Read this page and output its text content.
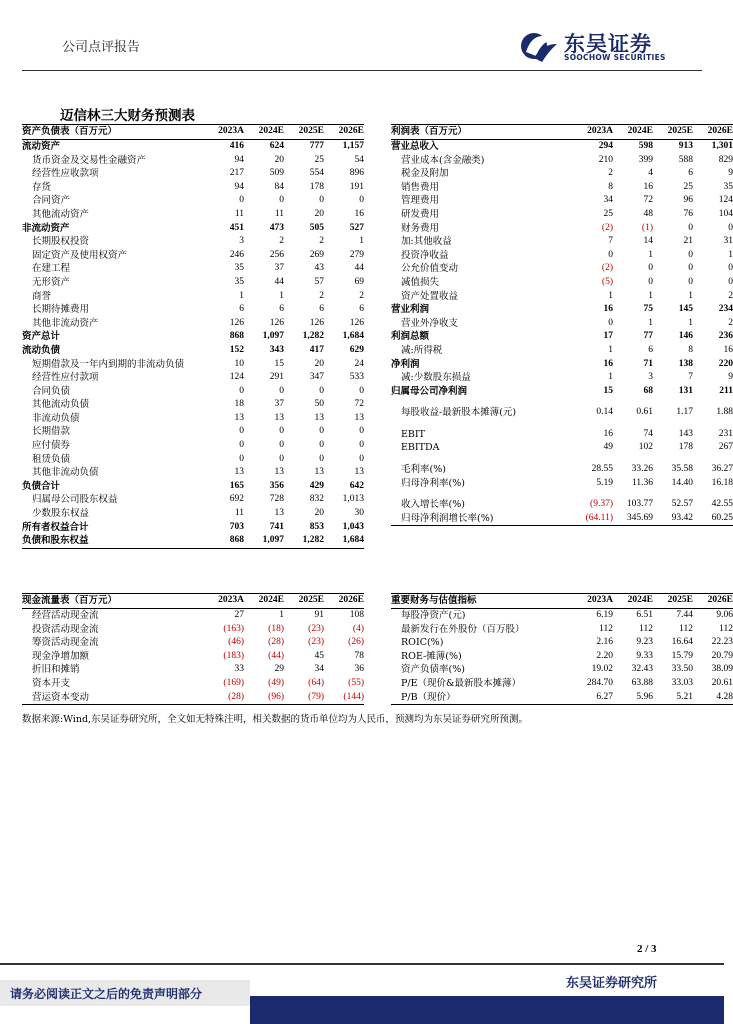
公司点评报告	东吴证券
SOOCHOW SECURITIES
迈信林三大财务预测表
资产负债表（百万元）	2023A	2024E	2025E	2026E
流动资产	416	624	777	1,157
货币资金及交易性金融资产	94	20	25	54
经营性应收款项	217	509	554	896
存货	94	84	178	191
合同资产	0	0	0	0
其他流动资产	11	11	20	16
非流动资产	451	473	505	527
长期股权投资	3	2	2	1
固定资产及使用权资产	246	256	269	279
在建工程	35	37	43	44
无形资产	35	44	57	69
商誉	1	1	2	2
长期待摊费用	6	6	6	6
其他非流动资产	126	126	126	126
资产总计	868	1,097	1,282	1,684
流动负债	152	343	417	629
短期借款及一年内到期的非流动负债	10	15	20	24
经营性应付款项	124	291	347	533
合同负债	0	0	0	0
其他流动负债	18	37	50	72
非流动负债	13	13	13	13
长期借款	0	0	0	0
应付债券	0	0	0	0
租赁负债	0	0	0	0
其他非流动负债	13	13	13	13
负债合计	165	356	429	642
归属母公司股东权益	692	728	832	1,013
少数股东权益	11	13	20	30
所有者权益合计	703	741	853	1,043
负债和股东权益	868	1,097	1,282	1,684
利润表（百万元）	2023A	2024E	2025E	2026E
营业总收入	294	598	913	1,301
营业成本(含金融类)	210	399	588	829
税金及附加	2	4	6	9
销售费用	8	16	25	35
管理费用	34	72	96	124
研发费用	25	48	76	104
财务费用	(2)	(1)	0	0
加:其他收益	7	14	21	31
投资净收益	0	1	0	1
公允价值变动	(2)	0	0	0
减值损失	(5)	0	0	0
资产处置收益	1	1	1	2
营业利润	16	75	145	234
营业外净收支	0	1	1	2
利润总额	17	77	146	236
减:所得税	1	6	8	16
净利润	16	71	138	220
减:少数股东损益	1	3	7	9
归属母公司净利润	15	68	131	211

每股收益-最新股本摊薄(元)	0.14	0.61	1.17	1.88

EBIT	16	74	143	231
EBITDA	49	102	178	267

毛利率(%)	28.55	33.26	35.58	36.27
归母净利率(%)	5.19	11.36	14.40	16.18

收入增长率(%)	(9.37)	103.77	52.57	42.55
归母净利润增长率(%)	(64.11)	345.69	93.42	60.25
现金流量表（百万元）	2023A	2024E	2025E	2026E
经营活动现金流	27	1	91	108
投资活动现金流	(163)	(18)	(23)	(4)
筹资活动现金流	(46)	(28)	(23)	(26)
现金净增加额	(183)	(44)	45	78
折旧和摊销	33	29	34	36
资本开支	(169)	(49)	(64)	(55)
营运资本变动	(28)	(96)	(79)	(144)
重要财务与估值指标	2023A	2024E	2025E	2026E
每股净资产(元)	6.19	6.51	7.44	9.06
最新发行在外股份（百万股）	112	112	112	112
ROIC(%)	2.16	9.23	16.64	22.23
ROE-摊薄(%)	2.20	9.33	15.79	20.79
资产负债率(%)	19.02	32.43	33.50	38.09
P/E（现价&最新股本摊薄）	284.70	63.88	33.03	20.61
P/B（现价）	6.27	5.96	5.21	4.28
数据来源:Wind,东吴证券研究所，全文如无特殊注明，相关数据的货币单位均为人民币，预测均为东吴证券研究所预测。
2 / 3
请务必阅读正文之后的免责声明部分
东吴证券研究所
